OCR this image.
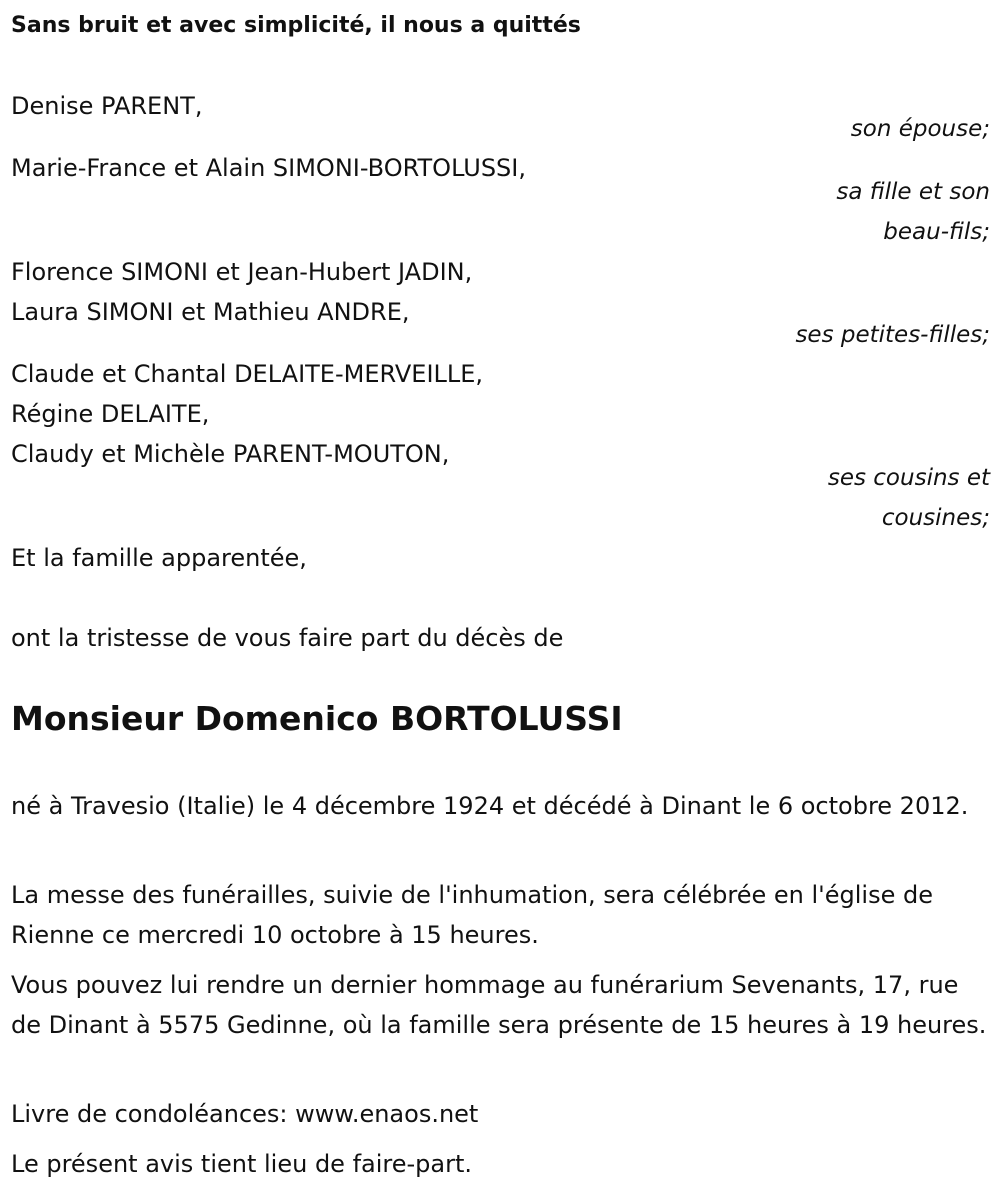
Sans bruit et avec simplicité, il nous a quittés

Denise PARENT,

son épouse;

Marie-France et Alain SIMONI-BORTOLUSSI,

sa fille et son

beau-fils;

Florence SIMONI et Jean-Hubert JADIN,

Laura SIMONI et Mathieu ANDRE,

ses petites-filles;

Claude et Chantal DELAITE-MERVEILLE,

Régine DELAITE,

Claudy et Michèle PARENT-MOUTON,

ses cousins et

cousines;

Et la famille apparentée,

ont la tristesse de vous faire part du décès de

Monsieur Domenico BORTOLUSSI

né à Travesio (Italie) le 4 décembre 1924 et décédé à Dinant le 6 octobre 2012.

La messe des funérailles, suivie de l'inhumation, sera célébrée en l'église de Rienne ce mercredi 10 octobre à 15 heures.

Vous pouvez lui rendre un dernier hommage au funérarium Sevenants, 17, rue de Dinant à 5575 Gedinne, où la famille sera présente de 15 heures à 19 heures.

Livre de condoléances: www.enaos.net

Le présent avis tient lieu de faire-part.
